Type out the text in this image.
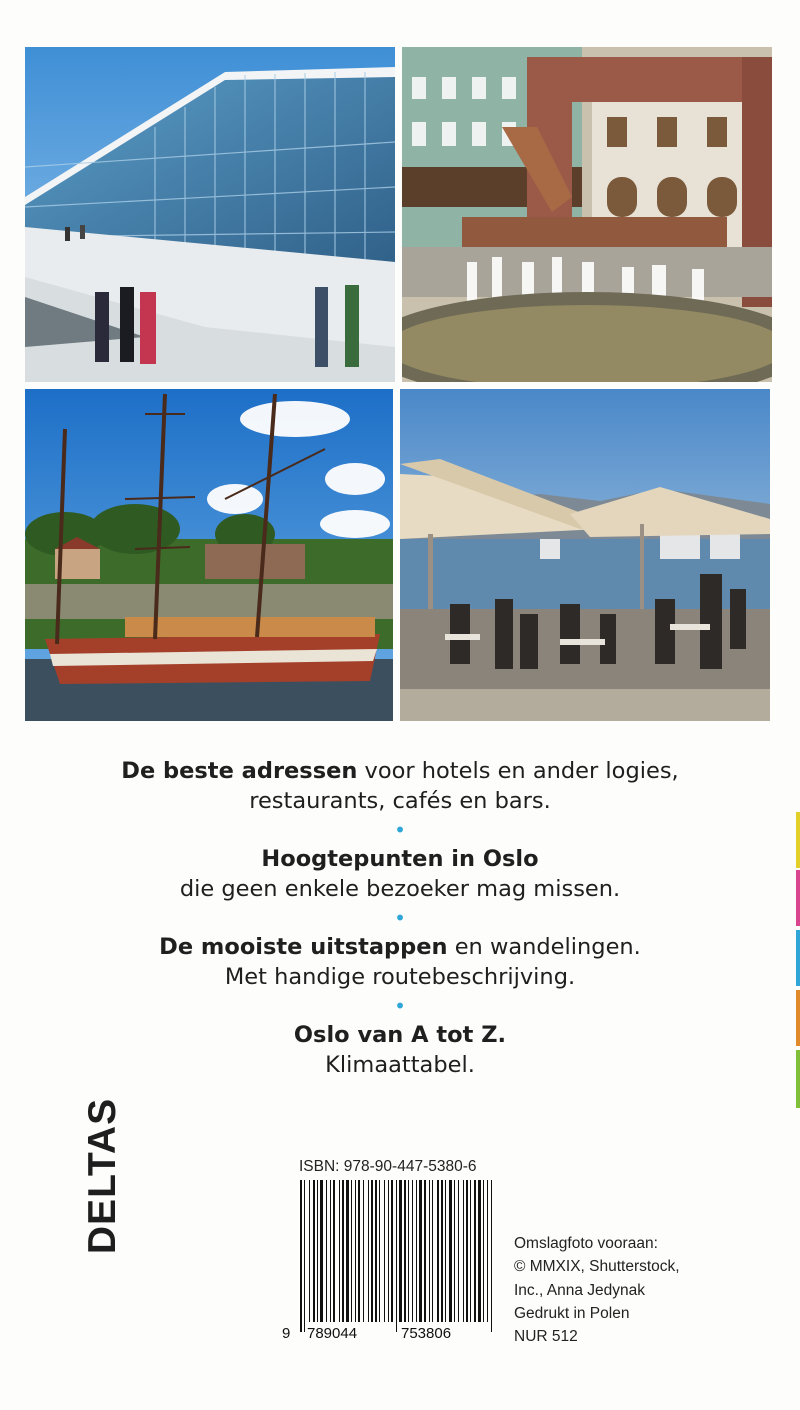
De beste adressen voor hotels en ander logies,
restaurants, cafés en bars.
•
Hoogtepunten in Oslo
die geen enkele bezoeker mag missen.
•
De mooiste uitstappen en wandelingen.
Met handige routebeschrijving.
•
Oslo van A tot Z.
Klimaattabel.
DELTAS	ISBN: 978-90-447-5380-6
9 789044	753806
Omslagfoto vooraan:
© MMXIX, Shutterstock,
Inc., Anna Jedynak
Gedrukt in Polen
NUR 512
